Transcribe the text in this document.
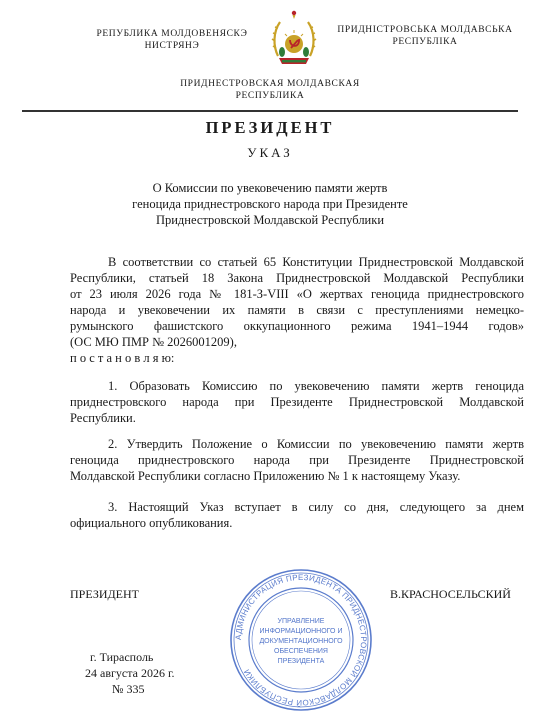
РЕПУБЛИКА МОЛДОВЕНЯСКЭ
НИСТРЯНЭ
ПРИДНІСТРОВСЬКА МОЛДАВСЬКА
РЕСПУБЛІКА
ПРИДНЕСТРОВСКАЯ МОЛДАВСКАЯ
РЕСПУБЛИКА
ПРЕЗИДЕНТ
УКАЗ
О Комиссии по увековечению памяти жертв
геноцида приднестровского народа при Президенте
Приднестровской Молдавской Республики
В соответствии со статьей 65 Конституции Приднестровской Молдавской
Республики, статьей 18 Закона Приднестровской Молдавской Республики
от 23 июля 2026 года № 181-З-VIII «О жертвах геноцида приднестровского
народа и увековечении их памяти в связи с преступлениями немецко-
румынского фашистского оккупационного режима 1941–1944 годов»
(ОС МЮ ПМР № 2026001209),
п о с т а н о в л я ю:
1. Образовать Комиссию по увековечению памяти жертв геноцида
приднестровского народа при Президенте Приднестровской Молдавской
Республики.
2. Утвердить Положение о Комиссии по увековечению памяти жертв
геноцида приднестровского народа при Президенте Приднестровской
Молдавской Республики согласно Приложению № 1 к настоящему Указу.
3. Настоящий Указ вступает в силу со дня, следующего за днем
официального опубликования.
АДМИНИСТРАЦИЯ ПРЕЗИДЕНТА ПРИДНЕСТРОВСКОЙ МОЛДАВСКОЙ РЕСПУБЛИКИ
УПРАВЛЕНИЕ
ИНФОРМАЦИОННОГО И
ДОКУМЕНТАЦИОННОГО
ОБЕСПЕЧЕНИЯ
ПРЕЗИДЕНТА
ПРЕЗИДЕНТ	В.КРАСНОСЕЛЬСКИЙ
г. Тирасполь
24 августа 2026 г.
№ 335
